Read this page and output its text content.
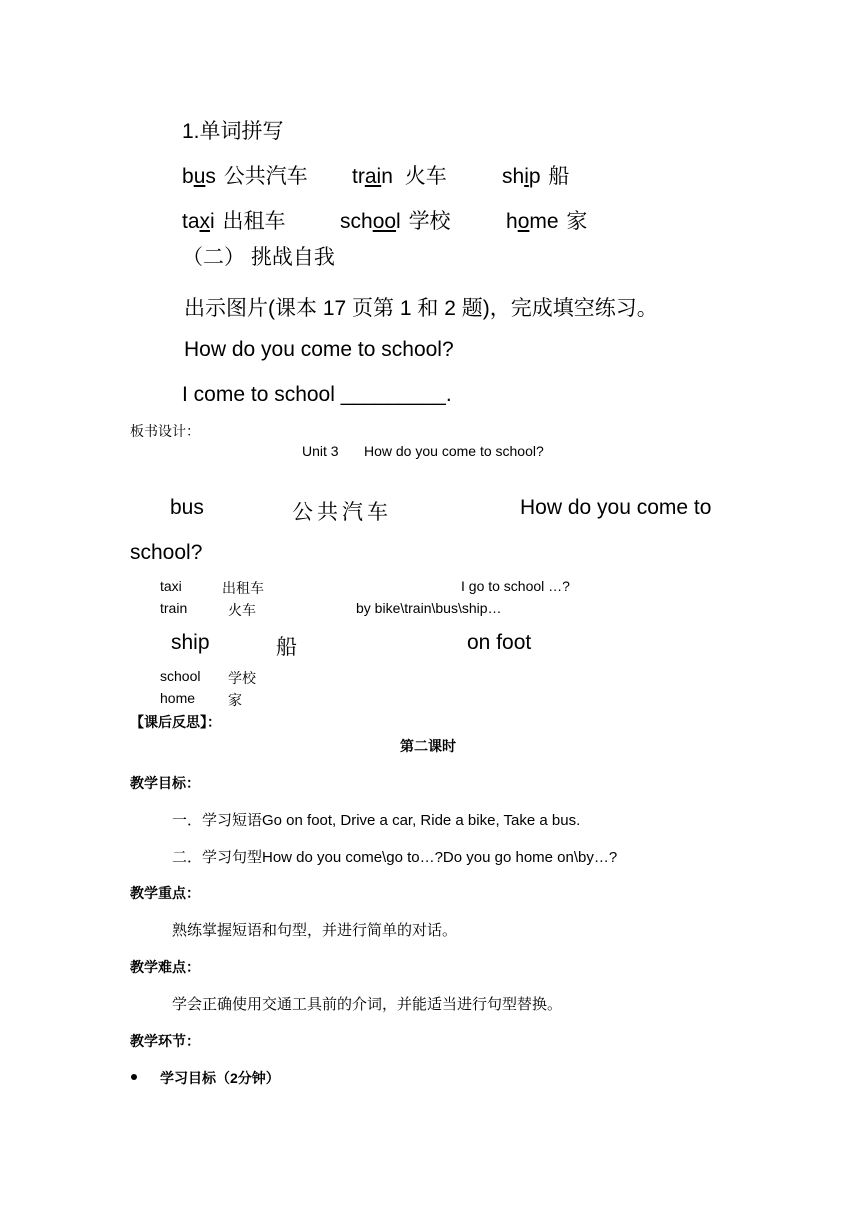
1.单词拼写
bus 公共汽车 train 火车	ship 船
taxi 出租车	school 学校	home 家
（二） 挑战自我
出示图片(课本 17 页第 1 和 2 题)，完成填空练习。
How do you come to school?
I come to school _________.
板书设计：
Unit 3 How do you come to school?
bus	公共汽车	How do you come to
school?
taxi	出租车	I go to school …?
train	火车	by bike\train\bus\ship…
ship	船	on foot
school 学校
home 家
【课后反思】：
第二课时
教学目标：
一．学习短语Go on foot, Drive a car, Ride a bike, Take a bus.
二．学习句型How do you come\go to…?Do you go home on\by…?
教学重点：
熟练掌握短语和句型，并进行简单的对话。
教学难点：
学会正确使用交通工具前的介词，并能适当进行句型替换。
教学环节：
学习目标（2分钟）
